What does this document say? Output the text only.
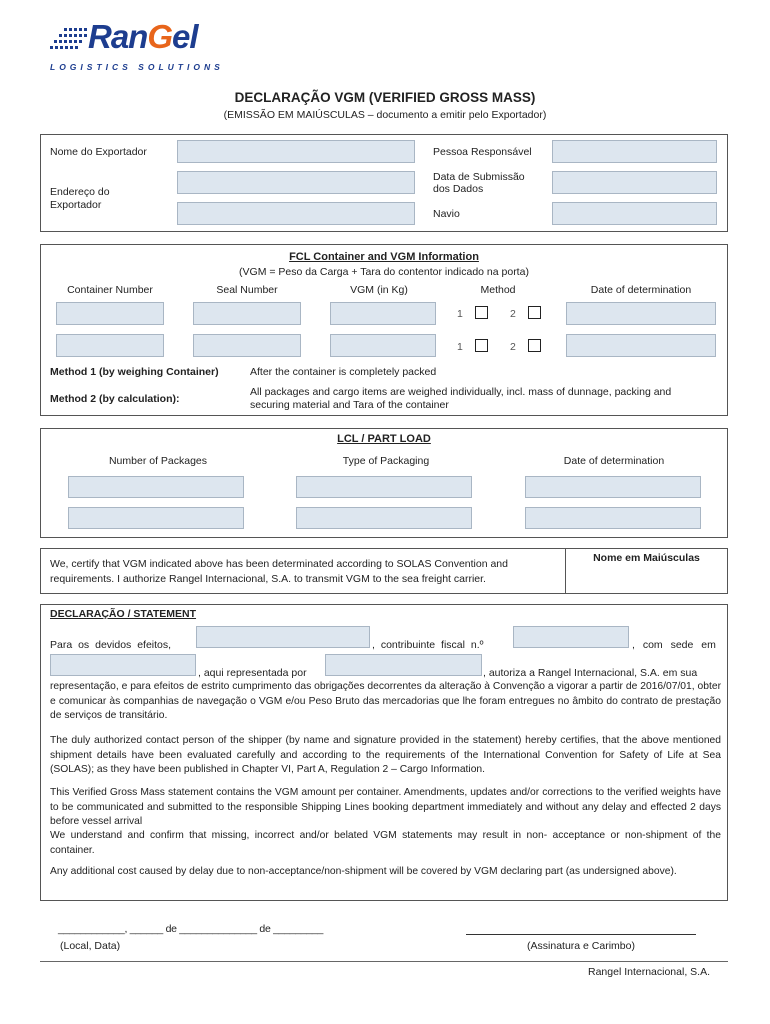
RanGel
LOGISTICS SOLUTIONS
DECLARAÇÃO VGM (VERIFIED GROSS MASS)
(EMISSÃO EM MAIÚSCULAS – documento a emitir pelo Exportador)
Nome do Exportador
Endereço do
Exportador
Pessoa Responsável
Data de Submissão
dos Dados
Navio
FCL Container and VGM Information
(VGM = Peso da Carga + Tara do contentor indicado na porta)
Container Number	Seal Number	VGM (in Kg)	Method	Date of determination
1	2
1	2
Method 1 (by weighing Container)	After the container is completely packed
Method 2 (by calculation):
All packages and cargo items are weighed individually, incl. mass of dunnage, packing and
securing material and Tara of the container
LCL / PART LOAD
Number of Packages	Type of Packaging	Date of determination
We, certify that VGM indicated above has been determinated according to SOLAS Convention and
requirements. I authorize Rangel Internacional, S.A. to transmit VGM to the sea freight carrier.
Nome em Maiúsculas
DECLARAÇÃO / STATEMENT
Para os devidos efeitos,	, contribuinte fiscal n.º	, com sede em
, aqui representada por	, autoriza a Rangel Internacional, S.A. em sua
representação, e para efeitos de estrito cumprimento das obrigações decorrentes da alteração à Convenção a vigorar a partir de 2016/07/01, obter e comunicar às companhias de navegação o VGM e/ou Peso Bruto das mercadorias que lhe foram entregues no âmbito do contrato de prestação de serviços de transitário.
The duly authorized contact person of the shipper (by name and signature provided in the statement) hereby certifies, that the above mentioned shipment details have been evaluated carefully and according to the requirements of the International Convention for Safety of Life at Sea (SOLAS); as they have been published in Chapter VI, Part A, Regulation 2 – Cargo Information.
This Verified Gross Mass statement contains the VGM amount per container. Amendments, updates and/or corrections to the verified weights have to be communicated and submitted to the responsible Shipping Lines booking department immediately and without any delay and effected 2 days before vessel arrival
We understand and confirm that missing, incorrect and/or belated VGM statements may result in non- acceptance or non-shipment of the container.
Any additional cost caused by delay due to non-acceptance/non-shipment will be covered by VGM declaring part (as undersigned above).
____________, ______ de ______________ de _________
(Local, Data)	(Assinatura e Carimbo)
Rangel Internacional, S.A.
